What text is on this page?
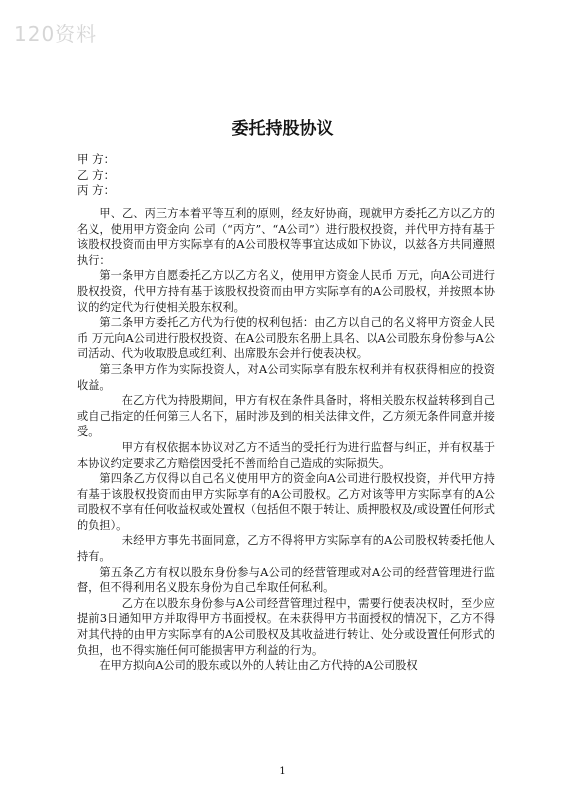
120资料
委托持股协议
甲 方：
乙 方：
丙 方：

甲、乙、丙三方本着平等互利的原则，经友好协商，现就甲方委托乙方以乙方的名义，使用甲方资金向 公司（“丙方”、“A公司”）进行股权投资，并代甲方持有基于该股权投资而由甲方实际享有的A公司股权等事宜达成如下协议，以兹各方共同遵照执行：

第一条甲方自愿委托乙方以乙方名义，使用甲方资金人民币 万元，向A公司进行股权投资，代甲方持有基于该股权投资而由甲方实际享有的A公司股权，并按照本协议的约定代为行使相关股东权利。

第二条甲方委托乙方代为行使的权利包括：由乙方以自己的名义将甲方资金人民币 万元向A公司进行股权投资、在A公司股东名册上具名、以A公司股东身份参与A公司活动、代为收取股息或红利、出席股东会并行使表决权。

第三条甲方作为实际投资人，对A公司实际享有股东权利并有权获得相应的投资收益。

在乙方代为持股期间，甲方有权在条件具备时，将相关股东权益转移到自己或自己指定的任何第三人名下，届时涉及到的相关法律文件，乙方须无条件同意并接受。

甲方有权依据本协议对乙方不适当的受托行为进行监督与纠正，并有权基于本协议约定要求乙方赔偿因受托不善而给自己造成的实际损失。

第四条乙方仅得以自己名义使用甲方的资金向A公司进行股权投资，并代甲方持有基于该股权投资而由甲方实际享有的A公司股权。乙方对该等甲方实际享有的A公司股权不享有任何收益权或处置权（包括但不限于转让、质押股权及/或设置任何形式的负担）。

未经甲方事先书面同意，乙方不得将甲方实际享有的A公司股权转委托他人持有。

第五条乙方有权以股东身份参与A公司的经营管理或对A公司的经营管理进行监督，但不得利用名义股东身份为自己牟取任何私利。

乙方在以股东身份参与A公司经营管理过程中，需要行使表决权时，至少应提前3日通知甲方并取得甲方书面授权。在未获得甲方书面授权的情况下，乙方不得对其代持的由甲方实际享有的A公司股权及其收益进行转让、处分或设置任何形式的负担，也不得实施任何可能损害甲方利益的行为。

在甲方拟向A公司的股东或以外的人转让由乙方代持的A公司股权

1
